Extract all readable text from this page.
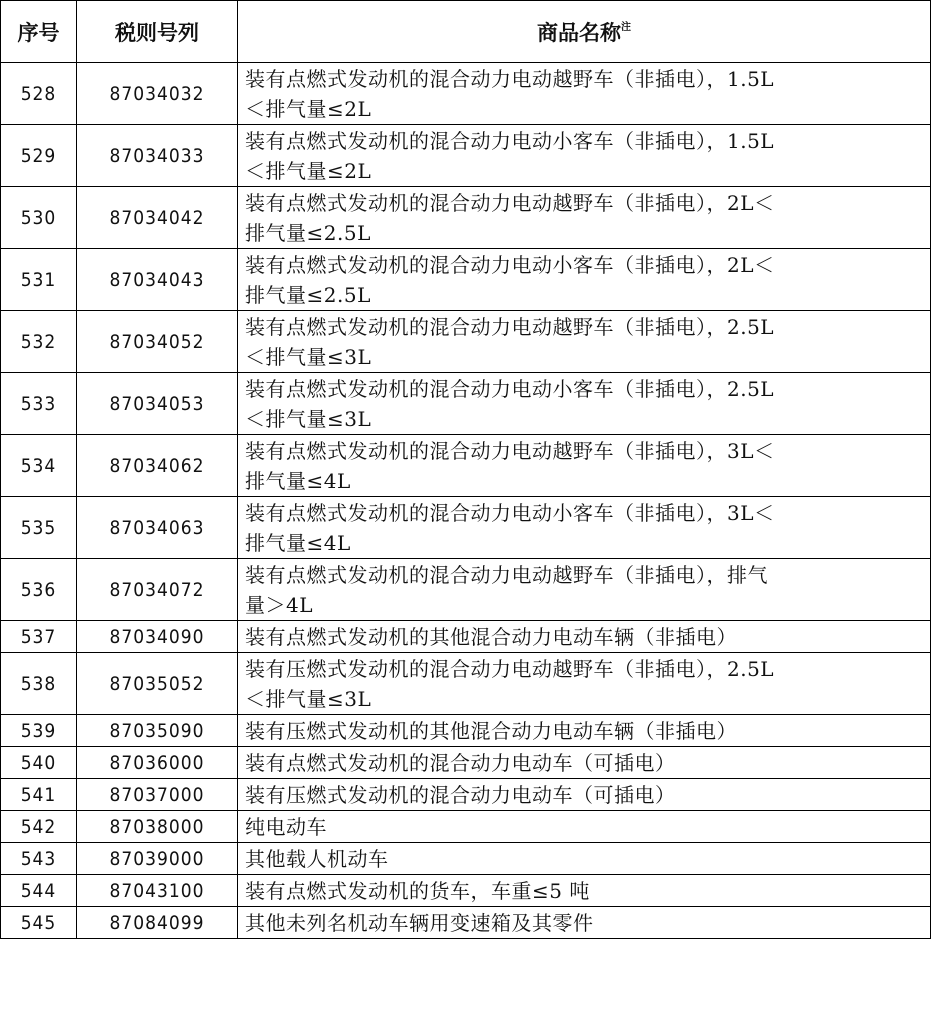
序号	税则号列	商品名称$^注$
528	87034032	装有点燃式发动机的混合动力电动越野车（非插电），1.5L
＜排气量≤2L

529	87034033	装有点燃式发动机的混合动力电动小客车（非插电），1.5L
＜排气量≤2L

530	87034042	装有点燃式发动机的混合动力电动越野车（非插电），2L＜
排气量≤2.5L

531	87034043	装有点燃式发动机的混合动力电动小客车（非插电），2L＜
排气量≤2.5L

532	87034052	装有点燃式发动机的混合动力电动越野车（非插电），2.5L
＜排气量≤3L

533	87034053	装有点燃式发动机的混合动力电动小客车（非插电），2.5L
＜排气量≤3L

534	87034062	装有点燃式发动机的混合动力电动越野车（非插电），3L＜
排气量≤4L

535	87034063	装有点燃式发动机的混合动力电动小客车（非插电），3L＜
排气量≤4L

536	87034072	装有点燃式发动机的混合动力电动越野车（非插电），排气
量＞4L

537	87034090	装有点燃式发动机的其他混合动力电动车辆（非插电）

538	87035052	装有压燃式发动机的混合动力电动越野车（非插电），2.5L
＜排气量≤3L

539	87035090	装有压燃式发动机的其他混合动力电动车辆（非插电）

540	87036000	装有点燃式发动机的混合动力电动车（可插电）

541	87037000	装有压燃式发动机的混合动力电动车（可插电）

542	87038000	纯电动车

543	87039000	其他载人机动车

544	87043100	装有点燃式发动机的货车，车重≤5 吨

545	87084099	其他未列名机动车辆用变速箱及其零件
